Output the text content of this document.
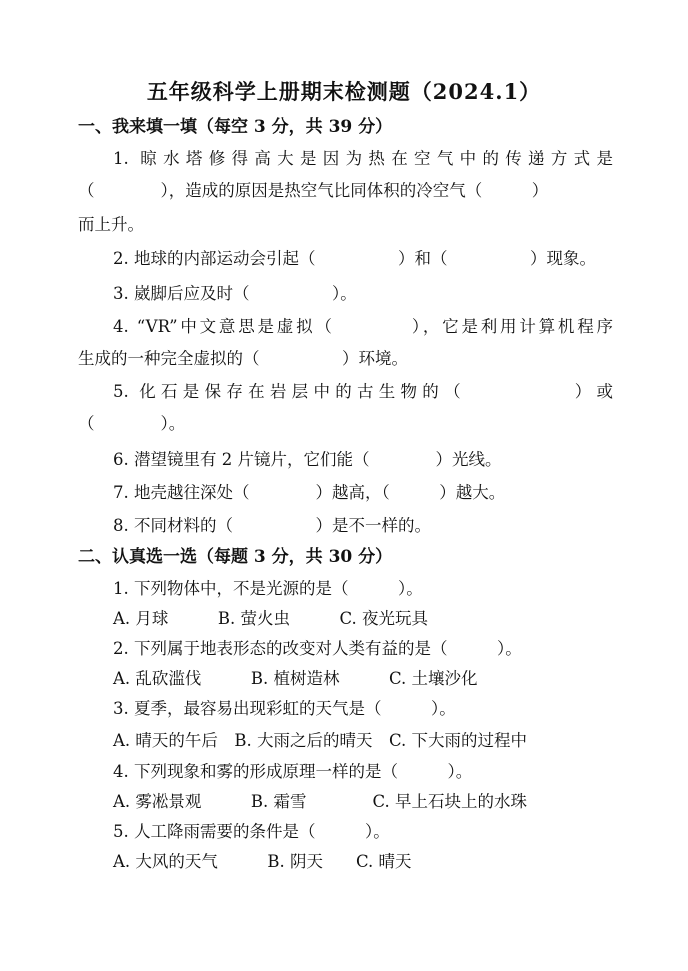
五年级科学上册期末检测题（2024.1）
一、我来填一填（每空 3 分，共 39 分）
1. 晾水塔修得高大是因为热在空气中的传递方式是
（　　　　），造成的原因是热空气比同体积的冷空气（　　　）
而上升。
2. 地球的内部运动会引起（　　　　　）和（　　　　　）现象。
3. 崴脚后应及时（　　　　　）。
4. “VR”中文意思是虚拟（　　　　），它是利用计算机程序
生成的一种完全虚拟的（　　　　　）环境。
5. 化石是保存在岩层中的古生物的（　　　　　）或
（　　　　）。
6. 潜望镜里有 2 片镜片，它们能（　　　　）光线。
7. 地壳越往深处（　　　　）越高，（　　　）越大。
8. 不同材料的（　　　　　）是不一样的。
二、认真选一选（每题 3 分，共 30 分）
1. 下列物体中，不是光源的是（　　　）。
A. 月球　　　B. 萤火虫　　　C. 夜光玩具
2. 下列属于地表形态的改变对人类有益的是（　　　）。
A. 乱砍滥伐　　　B. 植树造林　　　C. 土壤沙化
3. 夏季，最容易出现彩虹的天气是（　　　）。
A. 晴天的午后　B. 大雨之后的晴天　C. 下大雨的过程中
4. 下列现象和雾的形成原理一样的是（　　　）。
A. 雾凇景观　　　B. 霜雪　　　　C. 早上石块上的水珠
5. 人工降雨需要的条件是（　　　）。
A. 大风的天气　　　B. 阴天　　C. 晴天
